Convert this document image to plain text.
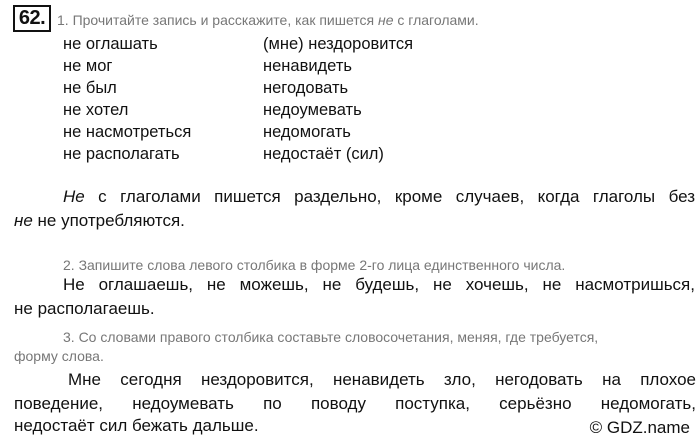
62. 1. Прочитайте запись и расскажите, как пишется не с глаголами.
не оглашать
не мог
не был
не хотел
не насмотреться
не располагать
(мне) нездоровится
ненавидеть
негодовать
недоумевать
недомогать
недостаёт (сил)
Не с глаголами пишется раздельно, кроме случаев, когда глаголы без
не не употребляются.
2. Запишите слова левого столбика в форме 2-го лица единственного числа.
Не оглашаешь, не можешь, не будешь, не хочешь, не насмотришься,
не располагаешь.
3. Со словами правого столбика составьте словосочетания, меняя, где требуется,
форму слова.
Мне сегодня нездоровится, ненавидеть зло, негодовать на плохое
поведение, недоумевать по поводу поступка, серьёзно недомогать,
недостаёт сил бежать дальше.	© GDZ.name
